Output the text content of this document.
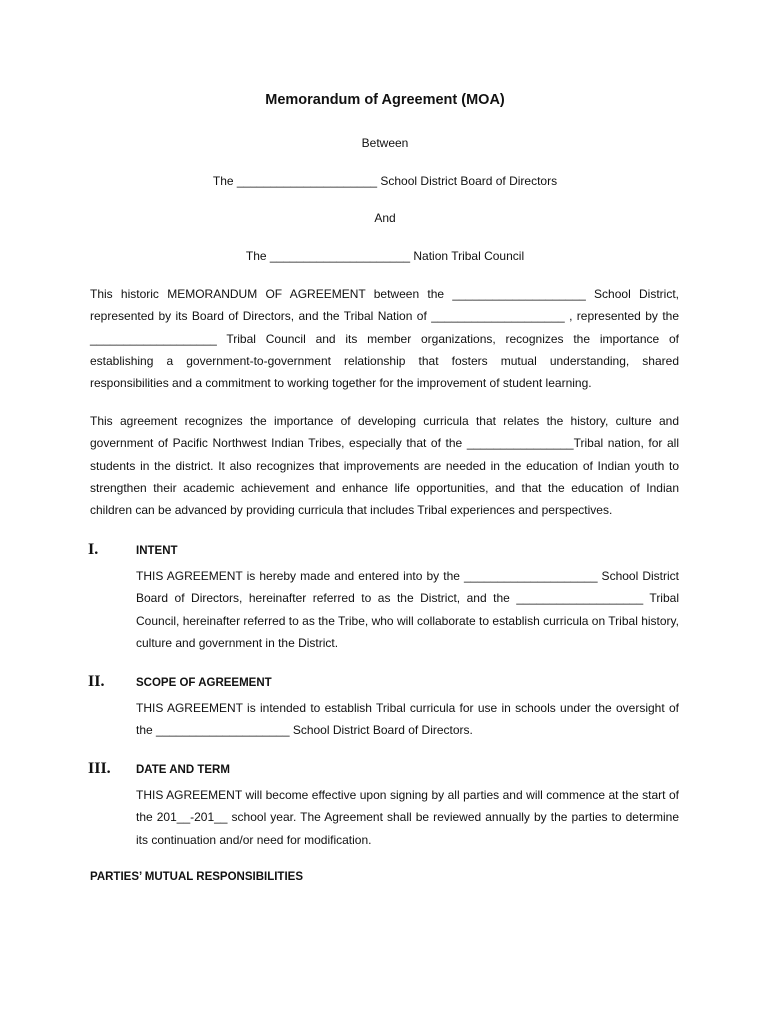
Memorandum of Agreement (MOA)
Between
The _____________________ School District Board of Directors
And
The _____________________ Nation Tribal Council

This historic MEMORANDUM OF AGREEMENT between the ____________________ School District, represented by its Board of Directors, and the Tribal Nation of ____________________ , represented by the ___________________ Tribal Council and its member organizations, recognizes the importance of establishing a government-to-government relationship that fosters mutual understanding, shared responsibilities and a commitment to working together for the improvement of student learning.

This agreement recognizes the importance of developing curricula that relates the history, culture and government of Pacific Northwest Indian Tribes, especially that of the ________________Tribal nation, for all students in the district. It also recognizes that improvements are needed in the education of Indian youth to strengthen their academic achievement and enhance life opportunities, and that the education of Indian children can be advanced by providing curricula that includes Tribal experiences and perspectives.

I.	INTENT

THIS AGREEMENT is hereby made and entered into by the ____________________ School District Board of Directors, hereinafter referred to as the District, and the ___________________ Tribal Council, hereinafter referred to as the Tribe, who will collaborate to establish curricula on Tribal history, culture and government in the District.

II.	SCOPE OF AGREEMENT

THIS AGREEMENT is intended to establish Tribal curricula for use in schools under the oversight of the ____________________ School District Board of Directors.

III.	DATE AND TERM

THIS AGREEMENT will become effective upon signing by all parties and will commence at the start of the 201__-201__ school year. The Agreement shall be reviewed annually by the parties to determine its continuation and/or need for modification.

PARTIES’ MUTUAL RESPONSIBILITIES
